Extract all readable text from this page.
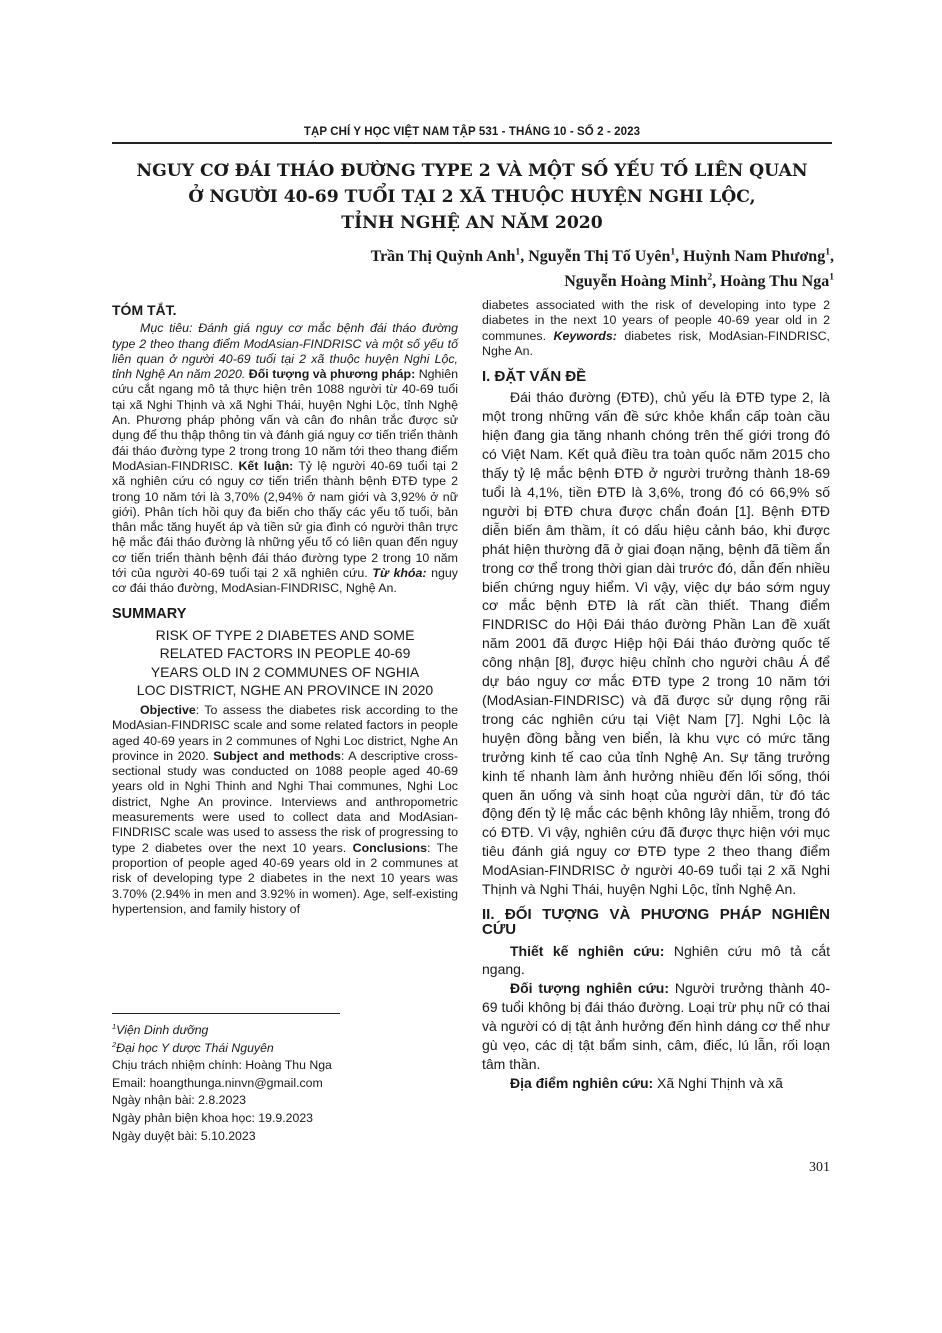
TẠP CHÍ Y HỌC VIỆT NAM TẬP 531 - THÁNG 10 - SỐ 2 - 2023
NGUY CƠ ĐÁI THÁO ĐƯỜNG TYPE 2 VÀ MỘT SỐ YẾU TỐ LIÊN QUAN
Ở NGƯỜI 40-69 TUỔI TẠI 2 XÃ THUỘC HUYỆN NGHI LỘC,
TỈNH NGHỆ AN NĂM 2020
Trần Thị Quỳnh Anh$^1$, Nguyễn Thị Tố Uyên$^1$, Huỳnh Nam Phương$^1$,
Nguyễn Hoàng Minh$^2$, Hoàng Thu Nga$^1$
TÓM TẮT.

Mục tiêu: Đánh giá nguy cơ mắc bệnh đái tháo đường type 2 theo thang điểm ModAsian-FINDRISC và một số yếu tố liên quan ở người 40-69 tuổi tại 2 xã thuộc huyện Nghi Lộc, tỉnh Nghệ An năm 2020. Đối tượng và phương pháp: Nghiên cứu cắt ngang mô tả thực hiện trên 1088 người từ 40-69 tuổi tại xã Nghi Thịnh và xã Nghi Thái, huyện Nghi Lộc, tỉnh Nghệ An. Phương pháp phỏng vấn và cân đo nhân trắc được sử dụng để thu thập thông tin và đánh giá nguy cơ tiến triển thành đái tháo đường type 2 trong trong 10 năm tới theo thang điểm ModAsian-FINDRISC. Kết luận: Tỷ lệ người 40-69 tuổi tại 2 xã nghiên cứu có nguy cơ tiến triển thành bệnh ĐTĐ type 2 trong 10 năm tới là 3,70% (2,94% ở nam giới và 3,92% ở nữ giới). Phân tích hồi quy đa biến cho thấy các yếu tố tuổi, bản thân mắc tăng huyết áp và tiền sử gia đình có người thân trực hệ mắc đái tháo đường là những yếu tố có liên quan đến nguy cơ tiến triển thành bệnh đái tháo đường type 2 trong 10 năm tới của người 40-69 tuổi tại 2 xã nghiên cứu. Từ khóa: nguy cơ đái tháo đường, ModAsian-FINDRISC, Nghệ An.

SUMMARY
RISK OF TYPE 2 DIABETES AND SOME
RELATED FACTORS IN PEOPLE 40-69
YEARS OLD IN 2 COMMUNES OF NGHIA
LOC DISTRICT, NGHE AN PROVINCE IN 2020

Objective: To assess the diabetes risk according to the ModAsian-FINDRISC scale and some related factors in people aged 40-69 years in 2 communes of Nghi Loc district, Nghe An province in 2020. Subject and methods: A descriptive cross-sectional study was conducted on 1088 people aged 40-69 years old in Nghi Thinh and Nghi Thai communes, Nghi Loc district, Nghe An province. Interviews and anthropometric measurements were used to collect data and ModAsian-FINDRISC scale was used to assess the risk of progressing to type 2 diabetes over the next 10 years. Conclusions: The proportion of people aged 40-69 years old in 2 communes at risk of developing type 2 diabetes in the next 10 years was 3.70% (2.94% in men and 3.92% in women). Age, self-existing hypertension, and family history of

$^1$Viện Dinh dưỡng
$^2$Đại học Y dược Thái Nguyên
Chịu trách nhiệm chính: Hoàng Thu Nga
Email: hoangthunga.ninvn@gmail.com
Ngày nhận bài: 2.8.2023
Ngày phản biện khoa học: 19.9.2023
Ngày duyệt bài: 5.10.2023

diabetes associated with the risk of developing into type 2 diabetes in the next 10 years of people 40-69 year old in 2 communes. Keywords: diabetes risk, ModAsian-FINDRISC, Nghe An.

I. ĐẶT VẤN ĐỀ

Đái tháo đường (ĐTĐ), chủ yếu là ĐTĐ type 2, là một trong những vấn đề sức khỏe khẩn cấp toàn cầu hiện đang gia tăng nhanh chóng trên thế giới trong đó có Việt Nam. Kết quả điều tra toàn quốc năm 2015 cho thấy tỷ lệ mắc bệnh ĐTĐ ở người trưởng thành 18-69 tuổi là 4,1%, tiền ĐTĐ là 3,6%, trong đó có 66,9% số người bị ĐTĐ chưa được chẩn đoán [1]. Bệnh ĐTĐ diễn biến âm thầm, ít có dấu hiệu cảnh báo, khi được phát hiện thường đã ở giai đoạn nặng, bệnh đã tiềm ẩn trong cơ thể trong thời gian dài trước đó, dẫn đến nhiều biến chứng nguy hiểm. Vì vậy, việc dự báo sớm nguy cơ mắc bệnh ĐTĐ là rất cần thiết. Thang điểm FINDRISC do Hội Đái tháo đường Phần Lan đề xuất năm 2001 đã được Hiệp hội Đái tháo đường quốc tế công nhận [8], được hiệu chỉnh cho người châu Á để dự báo nguy cơ mắc ĐTĐ type 2 trong 10 năm tới (ModAsian-FINDRISC) và đã được sử dụng rộng rãi trong các nghiên cứu tại Việt Nam [7]. Nghi Lộc là huyện đồng bằng ven biển, là khu vực có mức tăng trưởng kinh tế cao của tỉnh Nghệ An. Sự tăng trưởng kinh tế nhanh làm ảnh hưởng nhiều đến lối sống, thói quen ăn uống và sinh hoạt của người dân, từ đó tác động đến tỷ lệ mắc các bệnh không lây nhiễm, trong đó có ĐTĐ. Vì vậy, nghiên cứu đã được thực hiện với mục tiêu đánh giá nguy cơ ĐTĐ type 2 theo thang điểm ModAsian-FINDRISC ở người 40-69 tuổi tại 2 xã Nghi Thịnh và Nghi Thái, huyện Nghi Lộc, tỉnh Nghệ An.

II. ĐỐI TƯỢNG VÀ PHƯƠNG PHÁP NGHIÊN CỨU

Thiết kế nghiên cứu: Nghiên cứu mô tả cắt ngang.

Đối tượng nghiên cứu: Người trưởng thành 40-69 tuổi không bị đái tháo đường. Loại trừ phụ nữ có thai và người có dị tật ảnh hưởng đến hình dáng cơ thể như gù vẹo, các dị tật bẩm sinh, câm, điếc, lú lẫn, rối loạn tâm thần.

Địa điểm nghiên cứu: Xã Nghi Thịnh và xã

301
